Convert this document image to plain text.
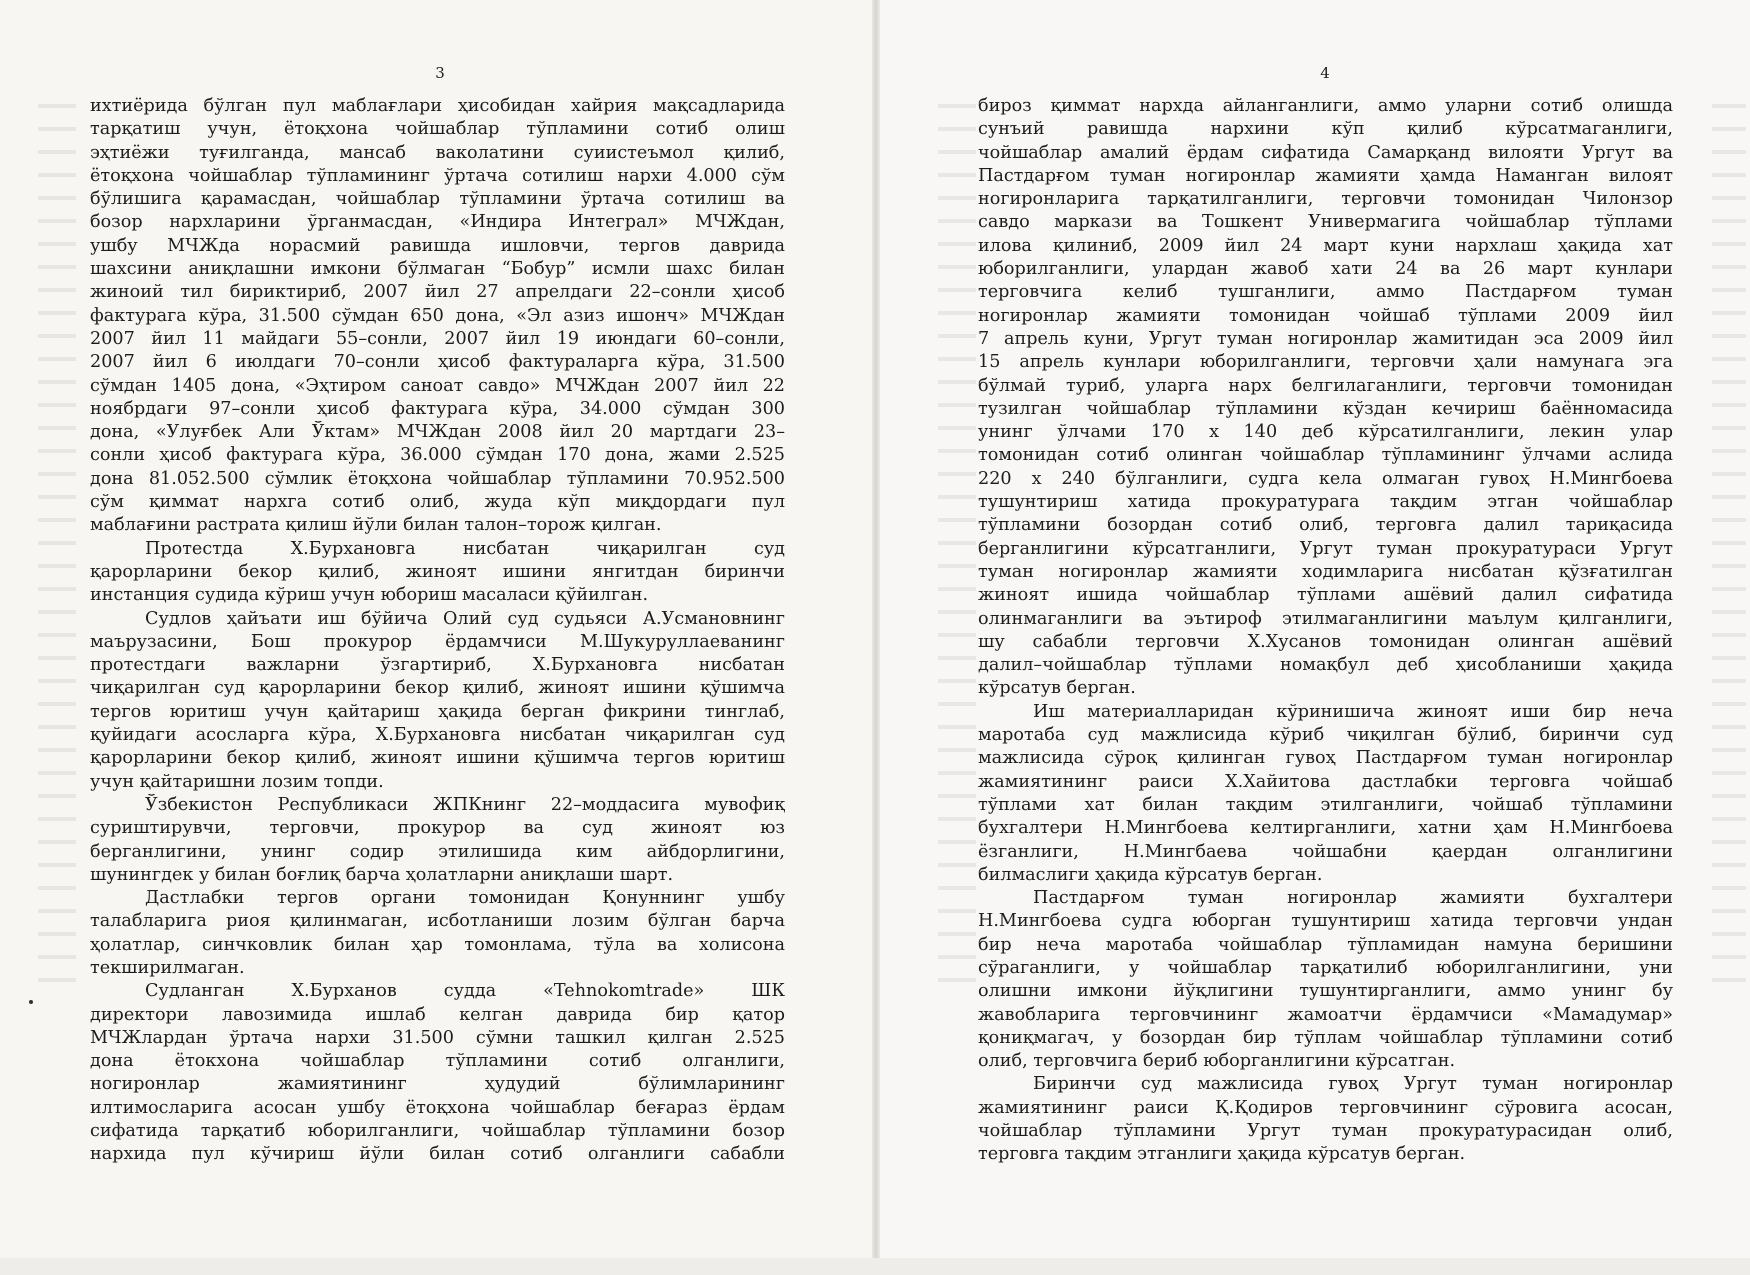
3	4
ихтиёрида бўлган пул маблағлари ҳисобидан хайрия мақсадларида
тарқатиш учун, ётоқхона чойшаблар тўпламини сотиб олиш
эҳтиёжи туғилганда, мансаб ваколатини суиистеъмол қилиб,
ётоқхона чойшаблар тўпламининг ўртача сотилиш нархи 4.000 сўм
бўлишига қарамасдан, чойшаблар тўпламини ўртача сотилиш ва
бозор нархларини ўрганмасдан, «Индира Интеграл» МЧЖдан,
ушбу МЧЖда норасмий равишда ишловчи, тергов даврида
шахсини аниқлашни имкони бўлмаган “Бобур” исмли шахс билан
жиноий тил бириктириб, 2007 йил 27 апрелдаги 22–сонли ҳисоб
фактурага кўра, 31.500 сўмдан 650 дона, «Эл азиз ишонч» МЧЖдан
2007 йил 11 майдаги 55–сонли, 2007 йил 19 июндаги 60–сонли,
2007 йил 6 июлдаги 70–сонли ҳисоб фактураларга кўра, 31.500
сўмдан 1405 дона, «Эҳтиром саноат савдо» МЧЖдан 2007 йил 22
ноябрдаги 97–сонли ҳисоб фактурага кўра, 34.000 сўмдан 300
дона, «Улуғбек Али Ўктам» МЧЖдан 2008 йил 20 мартдаги 23–
сонли ҳисоб фактурага кўра, 36.000 сўмдан 170 дона, жами 2.525
дона 81.052.500 сўмлик ётоқхона чойшаблар тўпламини 70.952.500
сўм қиммат нархга сотиб олиб, жуда кўп миқдордаги пул
маблағини растрата қилиш йўли билан талон–торож қилган.
Протестда Х.Бурхановга нисбатан чиқарилган суд
қарорларини бекор қилиб, жиноят ишини янгитдан биринчи
инстанция судида кўриш учун юбориш масаласи қўйилган.
Судлов ҳайъати иш бўйича Олий суд судьяси А.Усмановнинг
маърузасини, Бош прокурор ёрдамчиси М.Шукуруллаеванинг
протестдаги важларни ўзгартириб, Х.Бурхановга нисбатан
чиқарилган суд қарорларини бекор қилиб, жиноят ишини қўшимча
тергов юритиш учун қайтариш ҳақида берган фикрини тинглаб,
қуйидаги асосларга кўра, Х.Бурхановга нисбатан чиқарилган суд
қарорларини бекор қилиб, жиноят ишини қўшимча тергов юритиш
учун қайтаришни лозим топди.
Ўзбекистон Республикаси ЖПКнинг 22–моддасига мувофиқ
суриштирувчи, терговчи, прокурор ва суд жиноят юз
берганлигини, унинг содир этилишида ким айбдорлигини,
шунингдек у билан боғлиқ барча ҳолатларни аниқлаши шарт.
Дастлабки тергов органи томонидан Қонуннинг ушбу
талабларига риоя қилинмаган, исботланиши лозим бўлган барча
ҳолатлар, синчковлик билан ҳар томонлама, тўла ва холисона
текширилмаган.
Судланган Х.Бурханов судда «Tehnokomtrade» ШК
директори лавозимида ишлаб келган даврида бир қатор
МЧЖлардан ўртача нархи 31.500 сўмни ташкил қилган 2.525
дона ётокхона чойшаблар тўпламини сотиб олганлиги,
ногиронлар жамиятининг ҳудудий бўлимларининг
илтимосларига асосан ушбу ётоқхона чойшаблар беғараз ёрдам
сифатида тарқатиб юборилганлиги, чойшаблар тўпламини бозор
нархида пул кўчириш йўли билан сотиб олганлиги сабабли
бироз қиммат нархда айланганлиги, аммо уларни сотиб олишда
сунъий равишда нархини кўп қилиб кўрсатмаганлиги,
чойшаблар амалий ёрдам сифатида Самарқанд вилояти Ургут ва
Пастдарғом туман ногиронлар жамияти ҳамда Наманган вилоят
ногиронларига тарқатилганлиги, терговчи томонидан Чилонзор
савдо маркази ва Тошкент Универмагига чойшаблар тўплами
илова қилиниб, 2009 йил 24 март куни нархлаш ҳақида хат
юборилганлиги, улардан жавоб хати 24 ва 26 март кунлари
терговчига келиб тушганлиги, аммо Пастдарғом туман
ногиронлар жамияти томонидан чойшаб тўплами 2009 йил
7 апрель куни, Ургут туман ногиронлар жамитидан эса 2009 йил
15 апрель кунлари юборилганлиги, терговчи ҳали намунага эга
бўлмай туриб, уларга нарх белгилаганлиги, терговчи томонидан
тузилган чойшаблар тўпламини кўздан кечириш баённомасида
унинг ўлчами 170 х 140 деб кўрсатилганлиги, лекин улар
томонидан сотиб олинган чойшаблар тўпламининг ўлчами аслида
220 х 240 бўлганлиги, судга кела олмаган гувоҳ Н.Мингбоева
тушунтириш хатида прокуратурага тақдим этган чойшаблар
тўпламини бозордан сотиб олиб, терговга далил тариқасида
берганлигини кўрсатганлиги, Ургут туман прокуратураси Ургут
туман ногиронлар жамияти ходимларига нисбатан қўзғатилган
жиноят ишида чойшаблар тўплами ашёвий далил сифатида
олинмаганлиги ва эътироф этилмаганлигини маълум қилганлиги,
шу сабабли терговчи Х.Хусанов томонидан олинган ашёвий
далил–чойшаблар тўплами номақбул деб ҳисобланиши ҳақида
кўрсатув берган.
Иш материалларидан кўринишича жиноят иши бир неча
маротаба суд мажлисида кўриб чиқилган бўлиб, биринчи суд
мажлисида сўроқ қилинган гувоҳ Пастдарғом туман ногиронлар
жамиятининг раиси Х.Хайитова дастлабки терговга чойшаб
тўплами хат билан тақдим этилганлиги, чойшаб тўпламини
бухгалтери Н.Мингбоева келтирганлиги, хатни ҳам Н.Мингбоева
ёзганлиги, Н.Мингбаева чойшабни қаердан олганлигини
билмаслиги ҳақида кўрсатув берган.
Пастдарғом туман ногиронлар жамияти бухгалтери
Н.Мингбоева судга юборган тушунтириш хатида терговчи ундан
бир неча маротаба чойшаблар тўпламидан намуна беришини
сўраганлиги, у чойшаблар тарқатилиб юборилганлигини, уни
олишни имкони йўқлигини тушунтирганлиги, аммо унинг бу
жавобларига терговчининг жамоатчи ёрдамчиси «Мамадумар»
қониқмагач, у бозордан бир тўплам чойшаблар тўпламини сотиб
олиб, терговчига бериб юборганлигини кўрсатган.
Биринчи суд мажлисида гувоҳ Ургут туман ногиронлар
жамиятининг раиси Қ.Қодиров терговчининг сўровига асосан,
чойшаблар тўпламини Ургут туман прокуратурасидан олиб,
терговга тақдим этганлиги ҳақида кўрсатув берган.
